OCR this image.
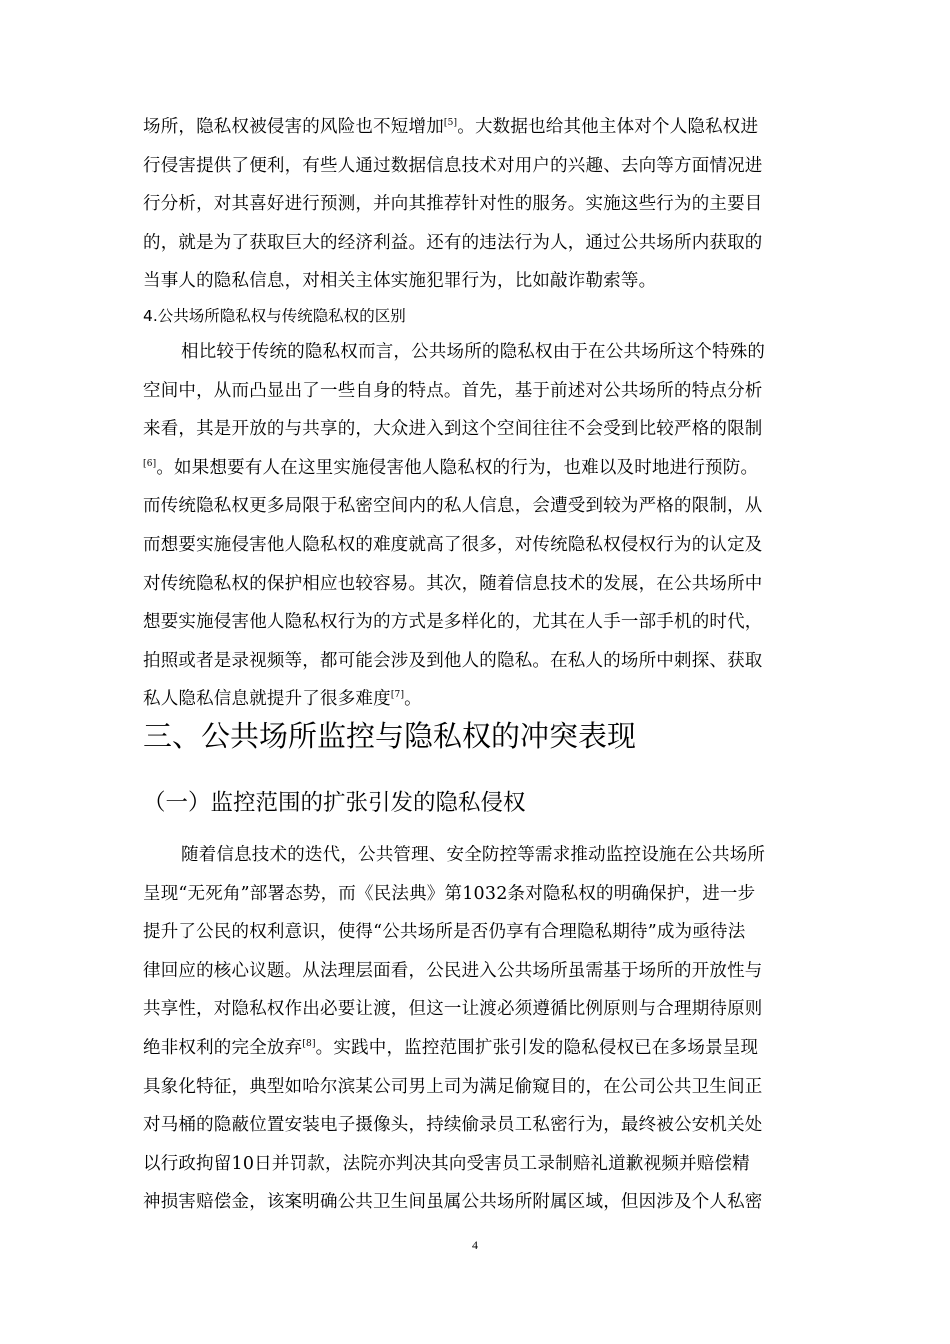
场所，隐私权被侵害的风险也不短增加[5]。大数据也给其他主体对个人隐私权进
行侵害提供了便利，有些人通过数据信息技术对用户的兴趣、去向等方面情况进
行分析，对其喜好进行预测，并向其推荐针对性的服务。实施这些行为的主要目
的，就是为了获取巨大的经济利益。还有的违法行为人，通过公共场所内获取的
当事人的隐私信息，对相关主体实施犯罪行为，比如敲诈勒索等。
4.公共场所隐私权与传统隐私权的区别
相比较于传统的隐私权而言，公共场所的隐私权由于在公共场所这个特殊的
空间中，从而凸显出了一些自身的特点。首先，基于前述对公共场所的特点分析
来看，其是开放的与共享的，大众进入到这个空间往往不会受到比较严格的限制
[6]。如果想要有人在这里实施侵害他人隐私权的行为，也难以及时地进行预防。
而传统隐私权更多局限于私密空间内的私人信息，会遭受到较为严格的限制，从
而想要实施侵害他人隐私权的难度就高了很多，对传统隐私权侵权行为的认定及
对传统隐私权的保护相应也较容易。其次，随着信息技术的发展，在公共场所中
想要实施侵害他人隐私权行为的方式是多样化的，尤其在人手一部手机的时代，
拍照或者是录视频等，都可能会涉及到他人的隐私。在私人的场所中刺探、获取
私人隐私信息就提升了很多难度[7]。
三、公共场所监控与隐私权的冲突表现
（一）监控范围的扩张引发的隐私侵权
随着信息技术的迭代，公共管理、安全防控等需求推动监控设施在公共场所
呈现“无死角”部署态势，而《民法典》第1032条对隐私权的明确保护，进一步
提升了公民的权利意识，使得“公共场所是否仍享有合理隐私期待”成为亟待法
律回应的核心议题。从法理层面看，公民进入公共场所虽需基于场所的开放性与
共享性，对隐私权作出必要让渡，但这一让渡必须遵循比例原则与合理期待原则
绝非权利的完全放弃[8]。实践中，监控范围扩张引发的隐私侵权已在多场景呈现
具象化特征，典型如哈尔滨某公司男上司为满足偷窥目的，在公司公共卫生间正
对马桶的隐蔽位置安装电子摄像头，持续偷录员工私密行为，最终被公安机关处
以行政拘留10日并罚款，法院亦判决其向受害员工录制赔礼道歉视频并赔偿精
神损害赔偿金，该案明确公共卫生间虽属公共场所附属区域，但因涉及个人私密
4
